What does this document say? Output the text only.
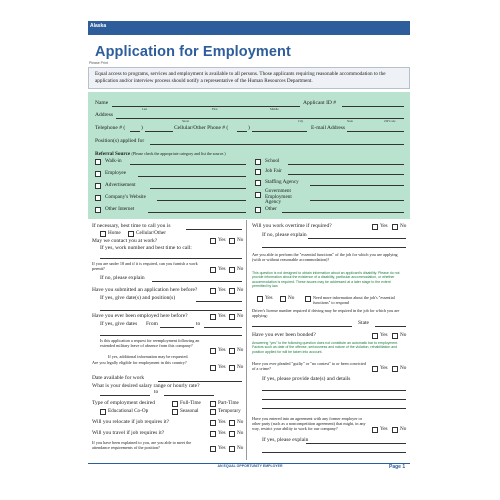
Alaska
Application for Employment
Please Print
Equal access to programs, services and employment is available to all persons. Those applicants requiring reasonable accommodation to the application and/or interview process should notify a representative of the Human Resources Department.
Name
Last	First	Middle
Applicant ID #
Address
Street	City	State	ZIP Code
Telephone # (	)	Cellular/Other Phone # (	)	E-mail Address
Position(s) applied for
Referral Source (Please check the appropriate category and list the source.)
Walk-in
Employee
Advertisement
Company's Website
Other Internet
School
Job Fair
Staffing Agency
Government Employment Agency
Other
If necessary, best time to call you is
Home	Cellular/Other
May we contact you at work?	Yes No
If yes, work number and best time to call:
If you are under 18 and if it is required, can you furnish a work permit?	Yes No
If no, please explain
Have you submitted an application here before?	Yes No
If yes, give date(s) and position(s)
Have you ever been employed here before?	Yes No
If yes, give dates From	to
Is this application a request for reemployment following an extended military leave of absence from this company?
Yes No
If yes, additional information may be requested.
Are you legally eligible for employment in this country?
Yes No
Date available for work
What is your desired salary range or hourly rate?
to
Type of employment desired	Full-Time	Part-Time
Educational Co-Op	Seasonal	Temporary
Will you relocate if job requires it?	Yes No
Will you travel if job requires it?	Yes No
If you have been explained to you, are you able to meet the attendance requirements of the position?	Yes No
Will you work overtime if required?	Yes No
If no, please explain
Are you able to perform the "essential functions" of the job for which you are applying (with or without reasonable accommodation)?
This question is not designed to obtain information about an applicant's disability. Please do not provide information about the existence of a disability, particular accommodation, or whether accommodation is required. These issues may be addressed at a later stage to the extent permitted by law.
Yes	No	Need more information about the job's "essential functions" to respond
Driver's license number required if driving may be required in the job for which you are applying:
State
Have you ever been bonded?	Yes No
Answering "yes" to the following question does not constitute an automatic bar to employment. Factors such as date of the offense, seriousness and nature of the violation, rehabilitation and position applied for will be taken into account.
Have you ever pleaded "guilty" or "no contest" to or been convicted of a crime?	Yes No
If yes, please provide date(s) and details
Have you entered into an agreement with any former employer or other party (such as a noncompetition agreement) that might, in any way, restrict your ability to work for our company?	Yes No
If yes, please explain
AN EQUAL OPPORTUNITY EMPLOYER	Page 1
